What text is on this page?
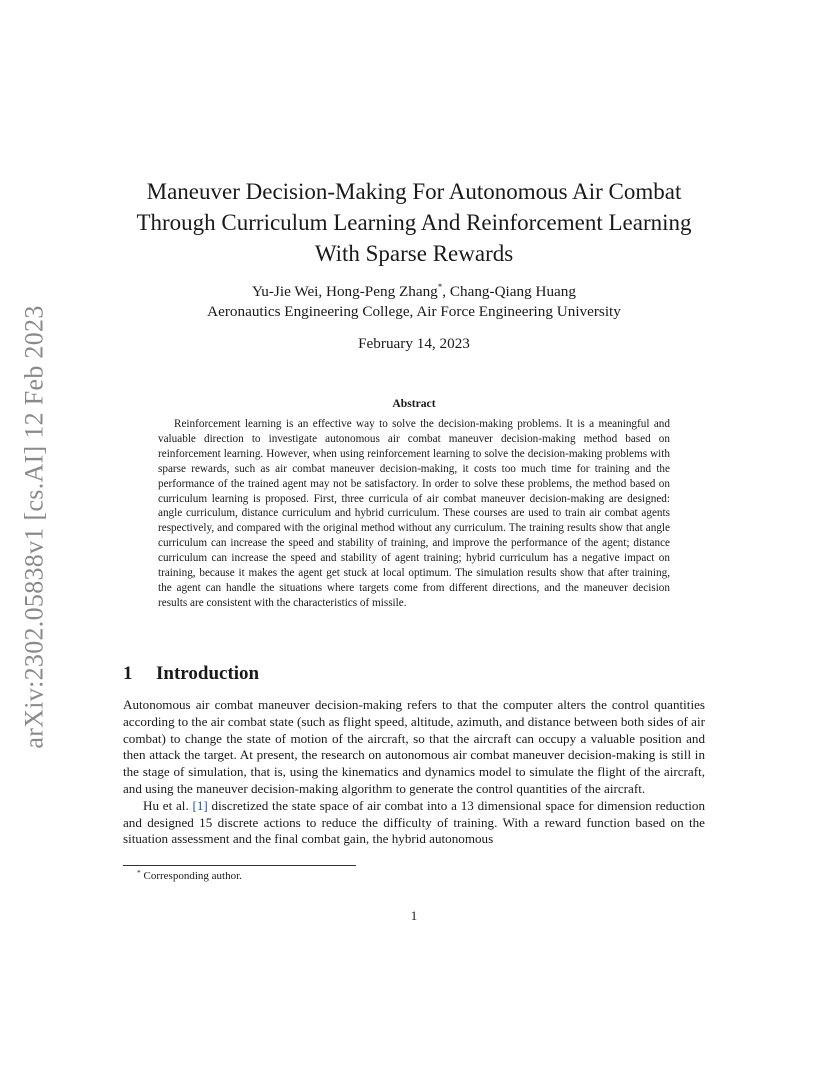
arXiv:2302.05838v1 [cs.AI] 12 Feb 2023
Maneuver Decision-Making For Autonomous Air Combat
Through Curriculum Learning And Reinforcement Learning
With Sparse Rewards
Yu-Jie Wei, Hong-Peng Zhang*, Chang-Qiang Huang
Aeronautics Engineering College, Air Force Engineering University
February 14, 2023
Abstract

Reinforcement learning is an effective way to solve the decision-making problems. It is a meaningful and valuable direction to investigate autonomous air combat maneuver decision-making method based on reinforcement learning. However, when using reinforcement learning to solve the decision-making problems with sparse rewards, such as air combat maneuver decision-making, it costs too much time for training and the performance of the trained agent may not be satisfactory. In order to solve these problems, the method based on curriculum learning is proposed. First, three curricula of air combat maneuver decision-making are designed: angle curriculum, distance curriculum and hybrid curriculum. These courses are used to train air combat agents respectively, and compared with the original method without any curriculum. The training results show that angle curriculum can increase the speed and stability of training, and improve the performance of the agent; distance curriculum can increase the speed and stability of agent training; hybrid curriculum has a negative impact on training, because it makes the agent get stuck at local optimum. The simulation results show that after training, the agent can handle the situations where targets come from different directions, and the maneuver decision results are consistent with the characteristics of missile.

1 Introduction

Autonomous air combat maneuver decision-making refers to that the computer alters the control quantities according to the air combat state (such as flight speed, altitude, azimuth, and distance between both sides of air combat) to change the state of motion of the aircraft, so that the aircraft can occupy a valuable position and then attack the target. At present, the research on autonomous air combat maneuver decision-making is still in the stage of simulation, that is, using the kinematics and dynamics model to simulate the flight of the aircraft, and using the maneuver decision-making algorithm to generate the control quantities of the aircraft.

Hu et al. [1] discretized the state space of air combat into a 13 dimensional space for dimension reduction and designed 15 discrete actions to reduce the difficulty of training. With a reward function based on the situation assessment and the final combat gain, the hybrid autonomous

* Corresponding author.
1
